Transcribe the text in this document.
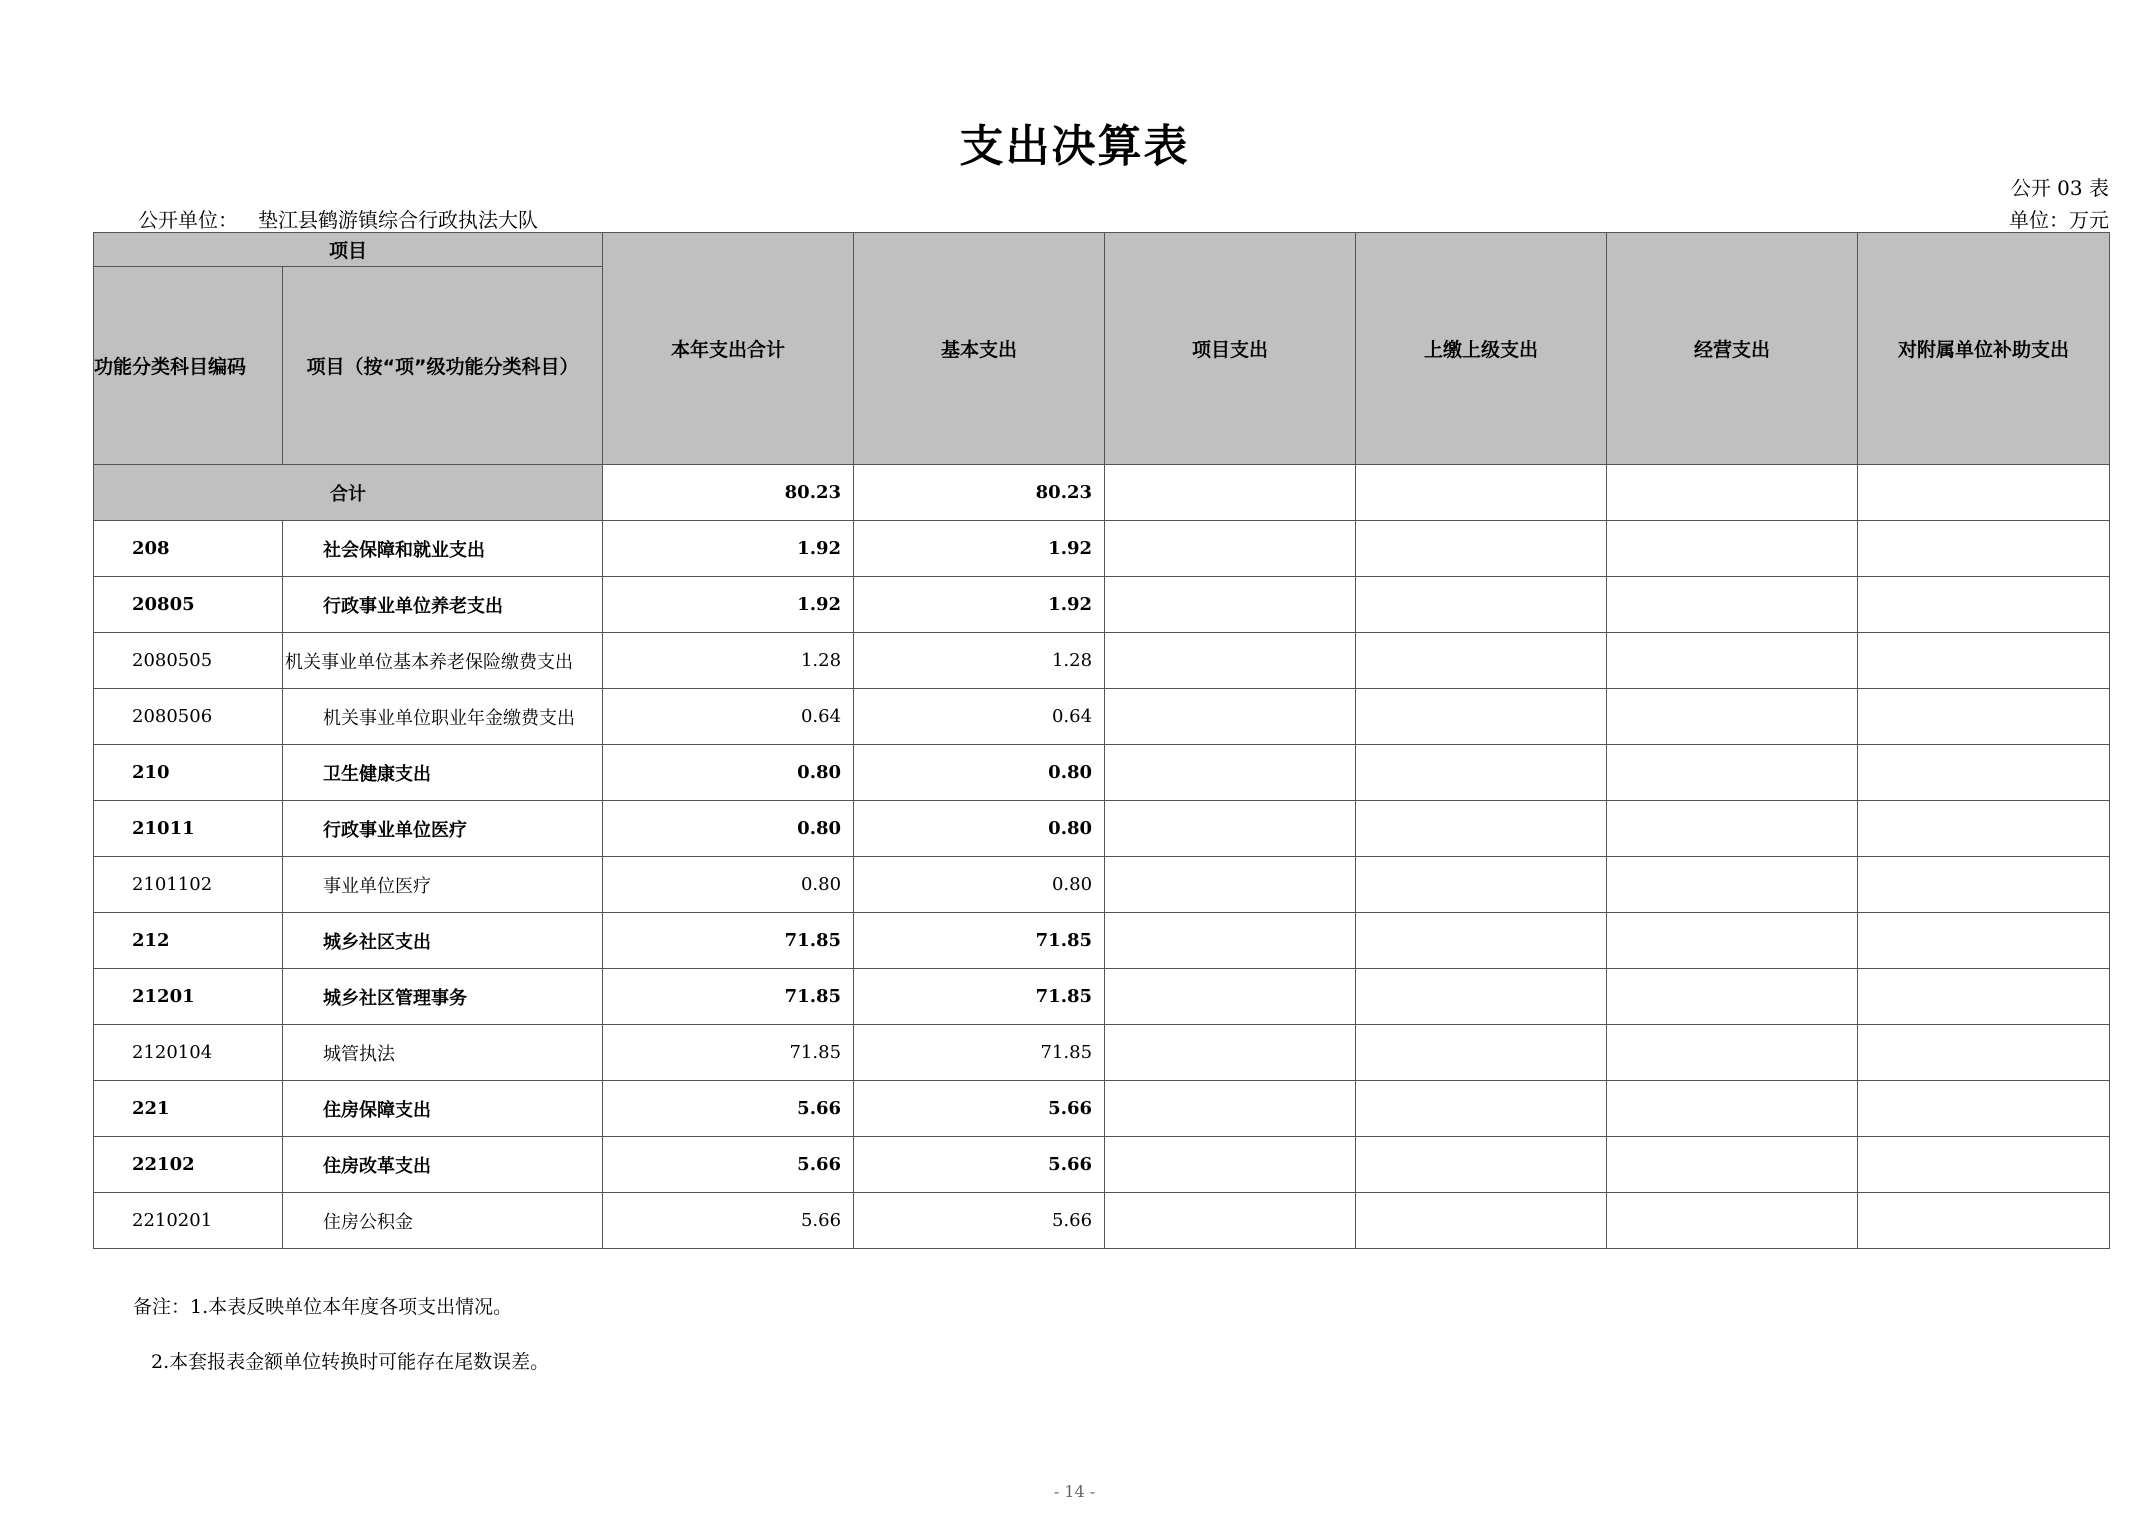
支出决算表
公开 03 表
公开单位： 垫江县鹤游镇综合行政执法大队	单位：万元
项目		本年支出合计	基本支出	项目支出	上缴上级支出	经营支出	对附属单位补助支出
功能分类科目编码	项目（按“项”级功能分类科目）						
合计		80.23	80.23				
208	社会保障和就业支出	1.92	1.92				
20805	行政事业单位养老支出	1.92	1.92				
2080505	机关事业单位基本养老保险缴费支出	1.28	1.28				
2080506	机关事业单位职业年金缴费支出	0.64	0.64				
210	卫生健康支出	0.80	0.80				
21011	行政事业单位医疗	0.80	0.80				
2101102	事业单位医疗	0.80	0.80				
212	城乡社区支出	71.85	71.85				
21201	城乡社区管理事务	71.85	71.85				
2120104	城管执法	71.85	71.85				
221	住房保障支出	5.66	5.66				
22102	住房改革支出	5.66	5.66				
2210201	住房公积金	5.66	5.66				
备注：1.本表反映单位本年度各项支出情况。
2.本套报表金额单位转换时可能存在尾数误差。
- 14 -
